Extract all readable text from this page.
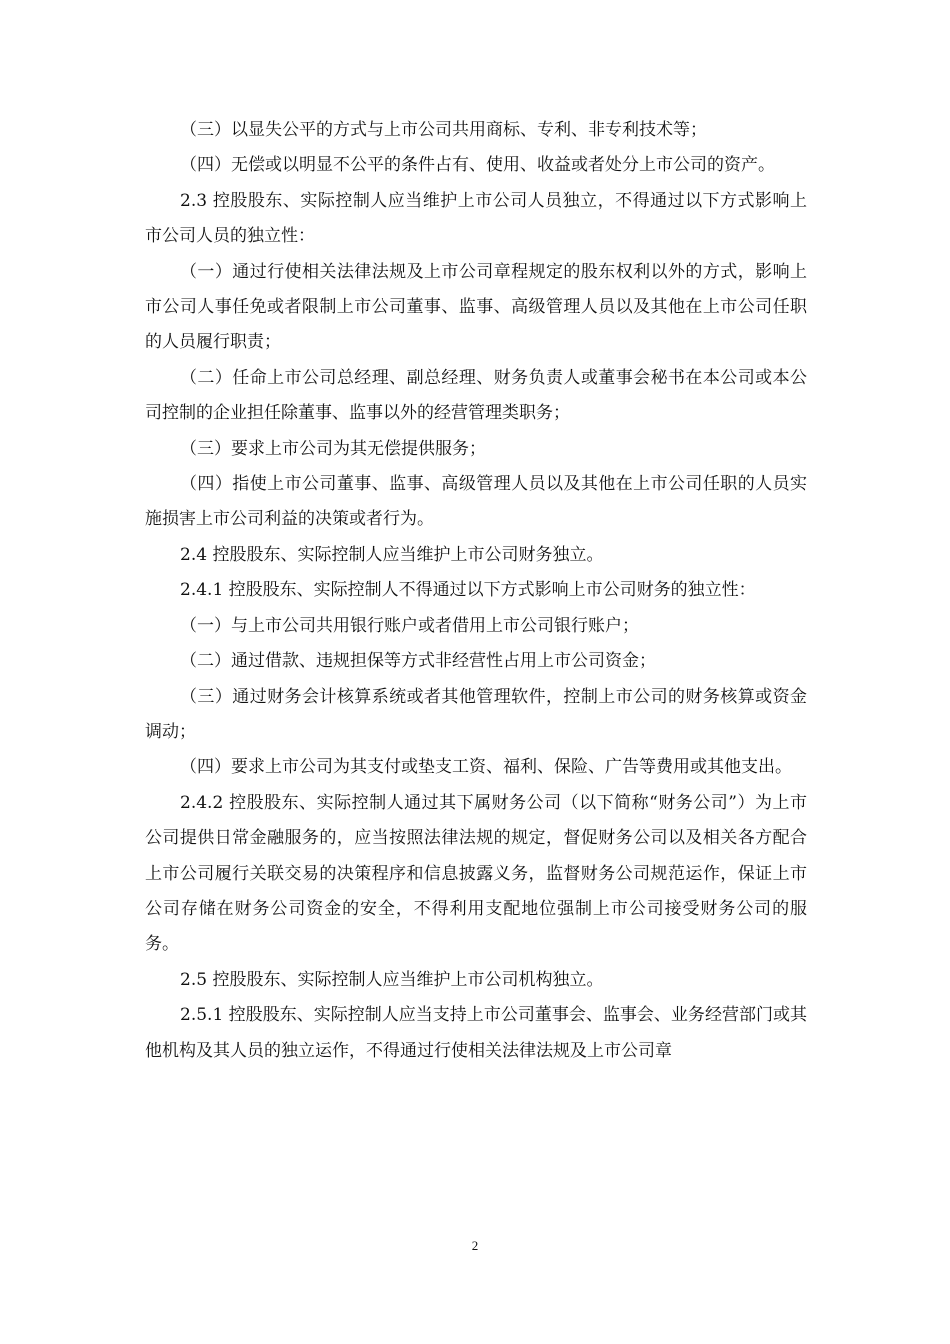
（三）以显失公平的方式与上市公司共用商标、专利、非专利技术等；

（四）无偿或以明显不公平的条件占有、使用、收益或者处分上市公司的资产。

2.3 控股股东、实际控制人应当维护上市公司人员独立，不得通过以下方式影响上市公司人员的独立性：

（一）通过行使相关法律法规及上市公司章程规定的股东权利以外的方式，影响上市公司人事任免或者限制上市公司董事、监事、高级管理人员以及其他在上市公司任职的人员履行职责；

（二）任命上市公司总经理、副总经理、财务负责人或董事会秘书在本公司或本公司控制的企业担任除董事、监事以外的经营管理类职务；

（三）要求上市公司为其无偿提供服务；

（四）指使上市公司董事、监事、高级管理人员以及其他在上市公司任职的人员实施损害上市公司利益的决策或者行为。

2.4 控股股东、实际控制人应当维护上市公司财务独立。

2.4.1 控股股东、实际控制人不得通过以下方式影响上市公司财务的独立性：

（一）与上市公司共用银行账户或者借用上市公司银行账户；

（二）通过借款、违规担保等方式非经营性占用上市公司资金；

（三）通过财务会计核算系统或者其他管理软件，控制上市公司的财务核算或资金调动；

（四）要求上市公司为其支付或垫支工资、福利、保险、广告等费用或其他支出。

2.4.2 控股股东、实际控制人通过其下属财务公司（以下简称“财务公司”）为上市公司提供日常金融服务的，应当按照法律法规的规定，督促财务公司以及相关各方配合上市公司履行关联交易的决策程序和信息披露义务，监督财务公司规范运作，保证上市公司存储在财务公司资金的安全，不得利用支配地位强制上市公司接受财务公司的服务。

2.5 控股股东、实际控制人应当维护上市公司机构独立。

2.5.1 控股股东、实际控制人应当支持上市公司董事会、监事会、业务经营部门或其他机构及其人员的独立运作，不得通过行使相关法律法规及上市公司章

2
